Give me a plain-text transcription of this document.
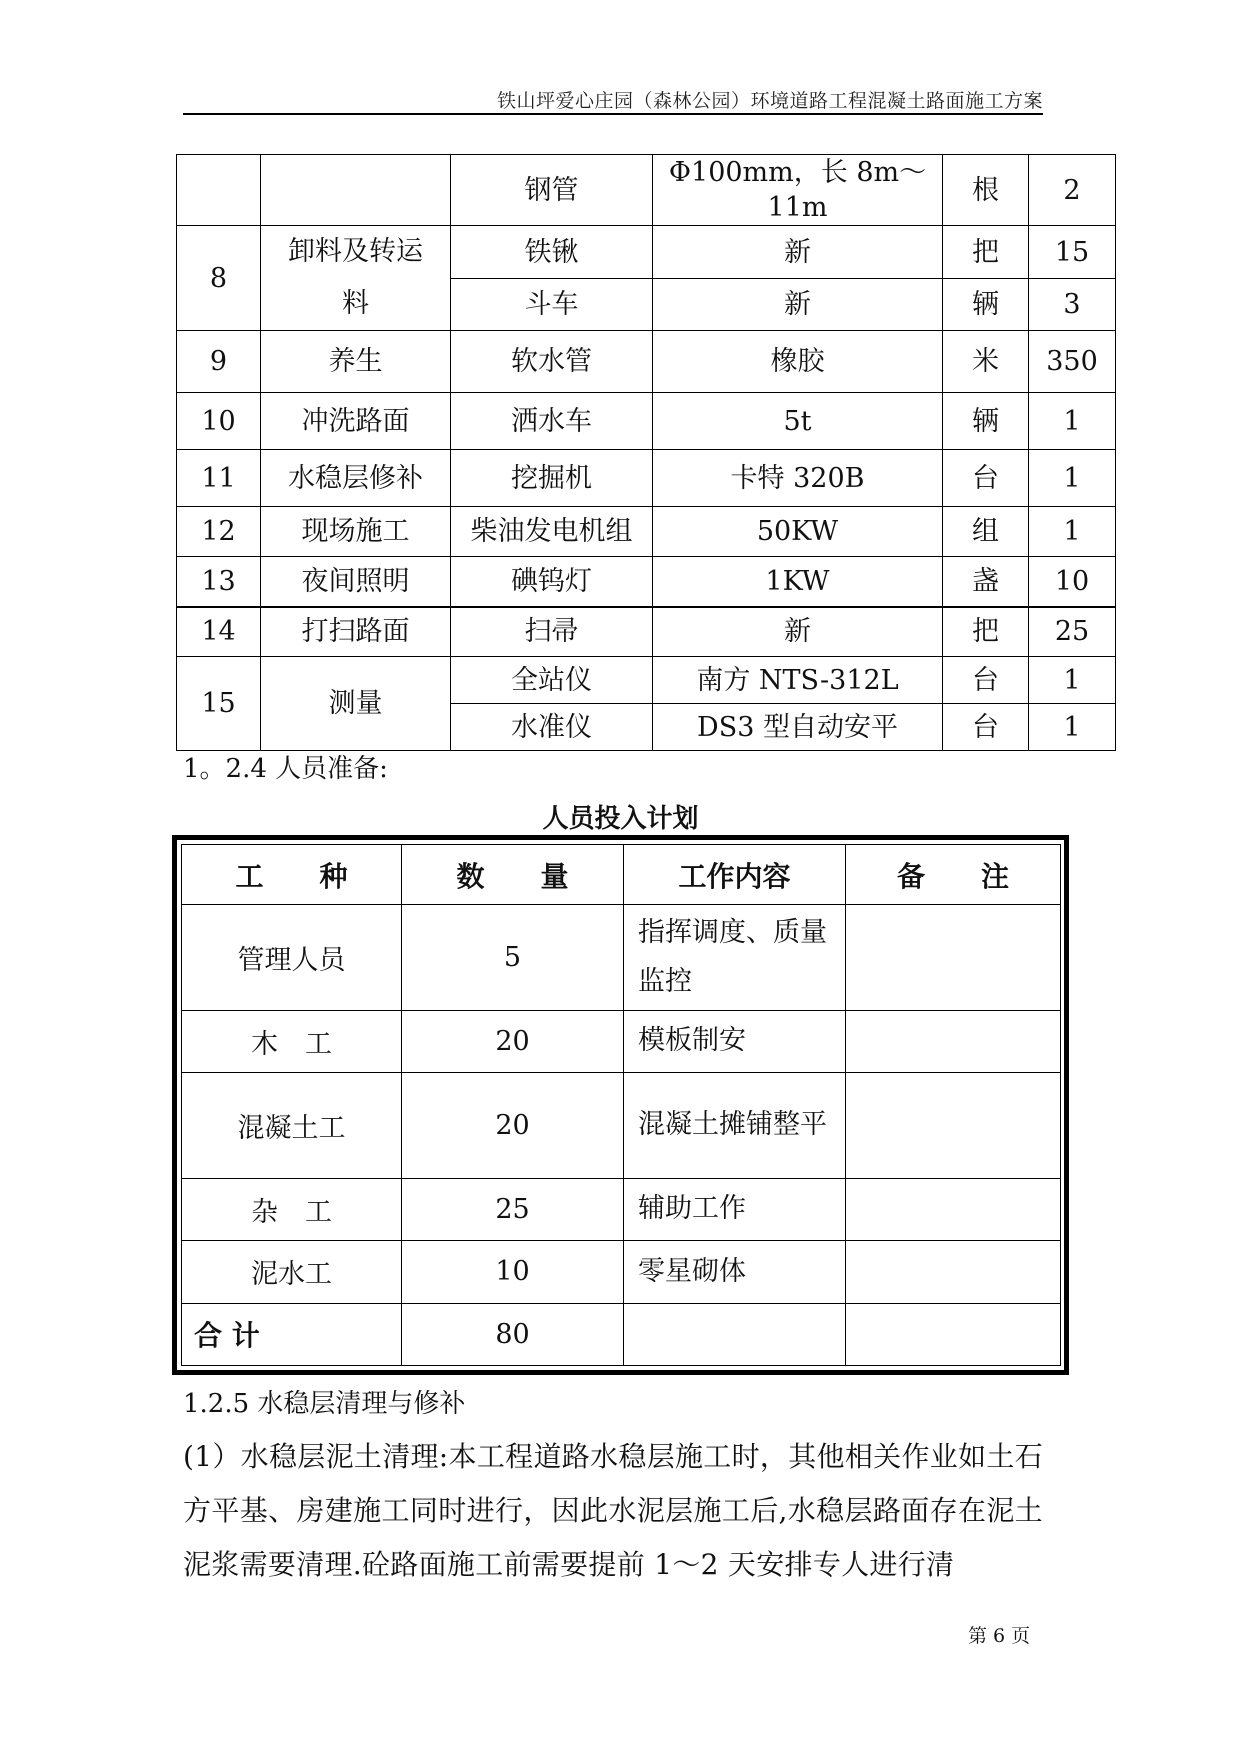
铁山坪爱心庄园（森林公园）环境道路工程混凝土路面施工方案
		钢管	Φ100mm，长 8m～11m	根	2
8	卸料及转运料	铁锹	新	把	15
		斗车	新	辆	3
9	养生	软水管	橡胶	米	350
10	冲洗路面	洒水车	5t	辆	1
11	水稳层修补	挖掘机	卡特 320B	台	1
12	现场施工	柴油发电机组	50KW	组	1
13	夜间照明	碘钨灯	1KW	盏	10
14	打扫路面	扫帚	新	把	25
15	测量	全站仪	南方 NTS-312L	台	1
		水准仪	DS3 型自动安平	台	1
1。2.4 人员准备:
人员投入计划
工　　种	数　　量	工作内容	备　　注
管理人员	5	指挥调度、质量监控	
木　工	20	模板制安	
混凝土工	20	混凝土摊铺整平	
杂　工	25	辅助工作	
泥水工	10	零星砌体	
合 计	80		
1.2.5 水稳层清理与修补
(1）水稳层泥土清理:本工程道路水稳层施工时，其他相关作业如土石方平基、房建施工同时进行，因此水泥层施工后,水稳层路面存在泥土泥浆需要清理.砼路面施工前需要提前 1～2 天安排专人进行清
第 6 页
